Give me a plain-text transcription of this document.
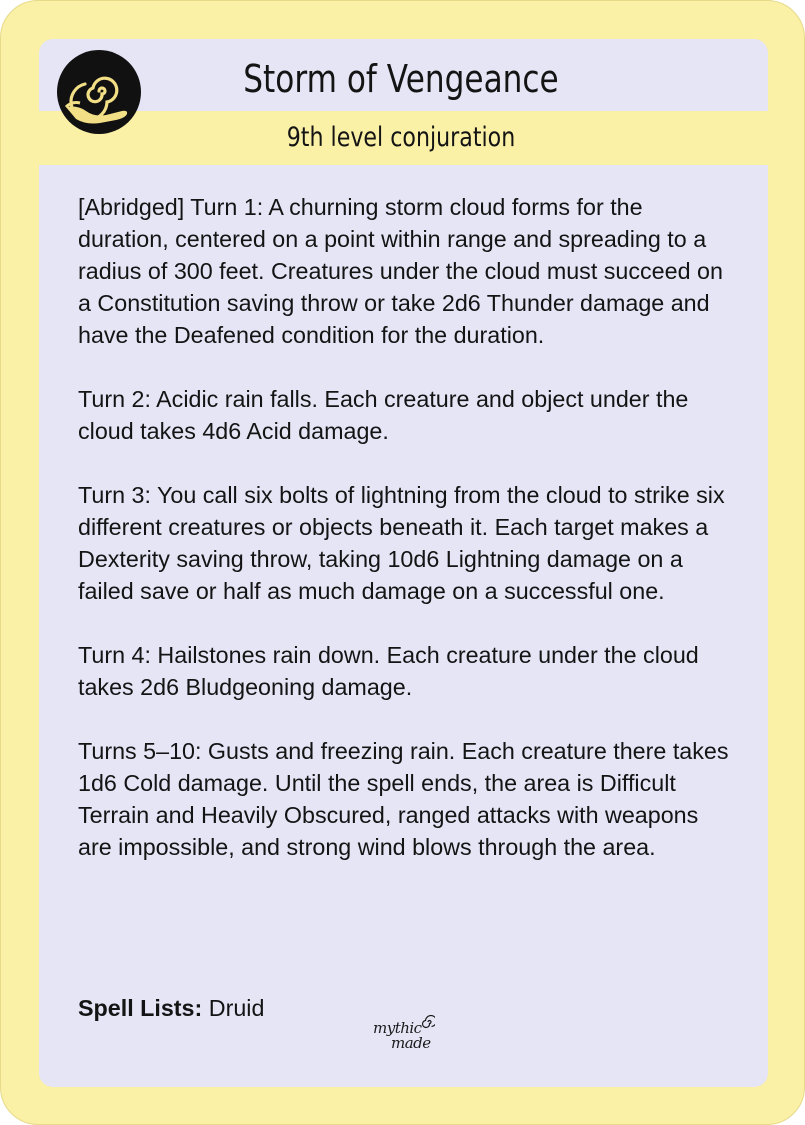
Storm of Vengeance
9th level conjuration

[Abridged] Turn 1: A churning storm cloud forms for the duration, centered on a point within range and spreading to a radius of 300 feet. Creatures under the cloud must succeed on a Constitution saving throw or take 2d6 Thunder damage and have the Deafened condition for the duration.

Turn 2: Acidic rain falls. Each creature and object under the cloud takes 4d6 Acid damage.

Turn 3: You call six bolts of lightning from the cloud to strike six different creatures or objects beneath it. Each target makes a Dexterity saving throw, taking 10d6 Lightning damage on a failed save or half as much damage on a successful one.

Turn 4: Hailstones rain down. Each creature under the cloud takes 2d6 Bludgeoning damage.

Turns 5–10: Gusts and freezing rain. Each creature there takes 1d6 Cold damage. Until the spell ends, the area is Difficult Terrain and Heavily Obscured, ranged attacks with weapons are impossible, and strong wind blows through the area.

Spell Lists: Druid
mythic
made
